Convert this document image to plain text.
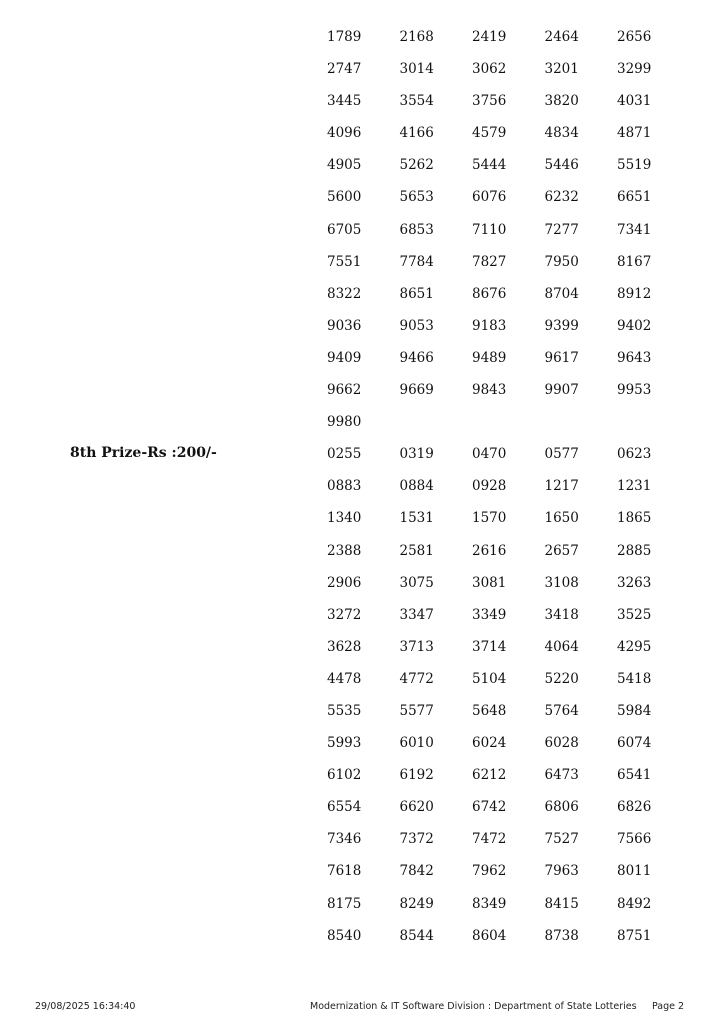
8th Prize-Rs :200/-
1789	2168	2419	2464	2656
2747	3014	3062	3201	3299
3445	3554	3756	3820	4031
4096	4166	4579	4834	4871
4905	5262	5444	5446	5519
5600	5653	6076	6232	6651
6705	6853	7110	7277	7341
7551	7784	7827	7950	8167
8322	8651	8676	8704	8912
9036	9053	9183	9399	9402
9409	9466	9489	9617	9643
9662	9669	9843	9907	9953
9980
0255	0319	0470	0577	0623
0883	0884	0928	1217	1231
1340	1531	1570	1650	1865
2388	2581	2616	2657	2885
2906	3075	3081	3108	3263
3272	3347	3349	3418	3525
3628	3713	3714	4064	4295
4478	4772	5104	5220	5418
5535	5577	5648	5764	5984
5993	6010	6024	6028	6074
6102	6192	6212	6473	6541
6554	6620	6742	6806	6826
7346	7372	7472	7527	7566
7618	7842	7962	7963	8011
8175	8249	8349	8415	8492
8540	8544	8604	8738	8751
29/08/2025 16:34:40	Modernization & IT Software Division : Department of State Lotteries Page 2
